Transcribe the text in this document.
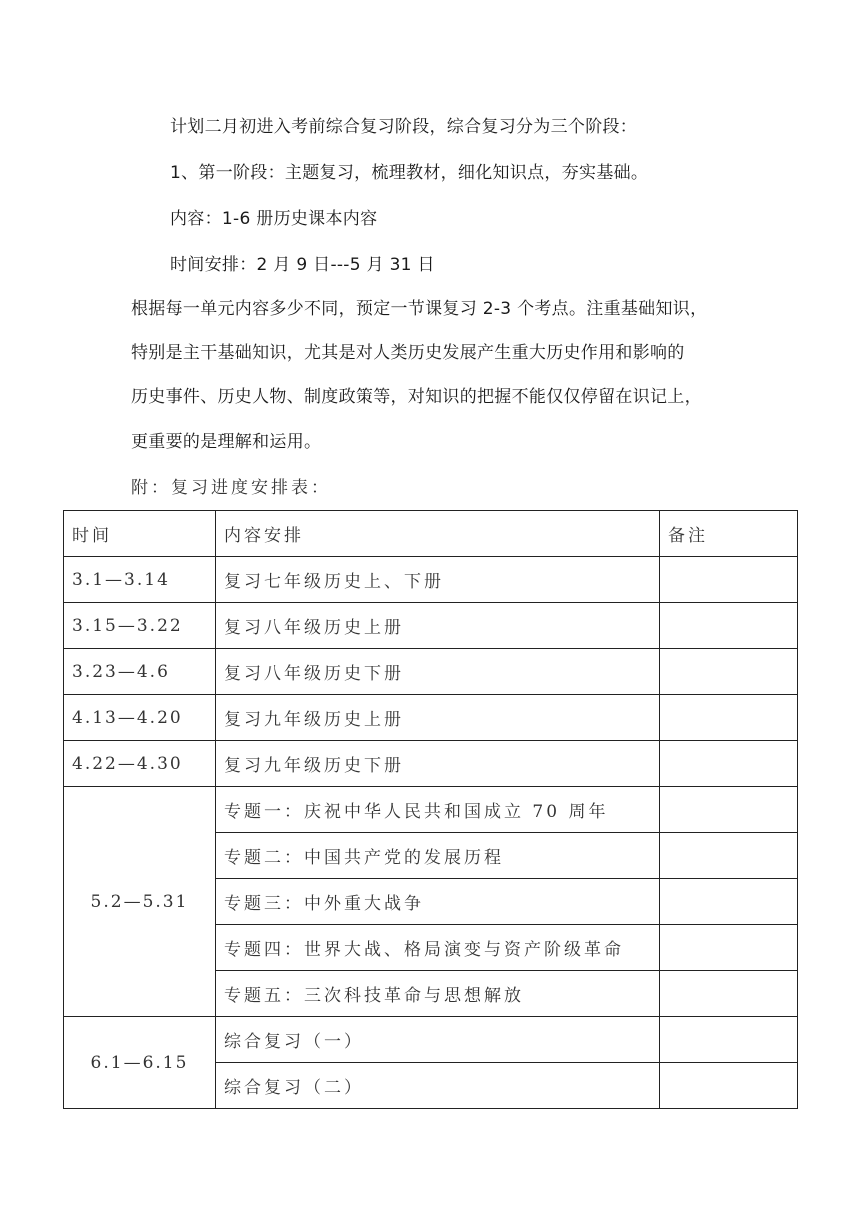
计划二月初进入考前综合复习阶段，综合复习分为三个阶段：
1、第一阶段：主题复习，梳理教材，细化知识点，夯实基础。
内容：1-6 册历史课本内容
时间安排：2 月 9 日---5 月 31 日
根据每一单元内容多少不同，预定一节课复习 2-3 个考点。注重基础知识，
特别是主干基础知识，尤其是对人类历史发展产生重大历史作用和影响的
历史事件、历史人物、制度政策等，对知识的把握不能仅仅停留在识记上，
更重要的是理解和运用。
附：复习进度安排表：
时间	内容安排	备注
3.1—3.14	复习七年级历史上、下册	
3.15—3.22	复习八年级历史上册	
3.23—4.6	复习八年级历史下册	
4.13—4.20	复习九年级历史上册	
4.22—4.30	复习九年级历史下册	
5.2—5.31	专题一：庆祝中华人民共和国成立 70 周年	
	专题二：中国共产党的发展历程	
	专题三：中外重大战争	
	专题四：世界大战、格局演变与资产阶级革命	
	专题五：三次科技革命与思想解放	
6.1—6.15	综合复习（一）	
	综合复习（二）	
